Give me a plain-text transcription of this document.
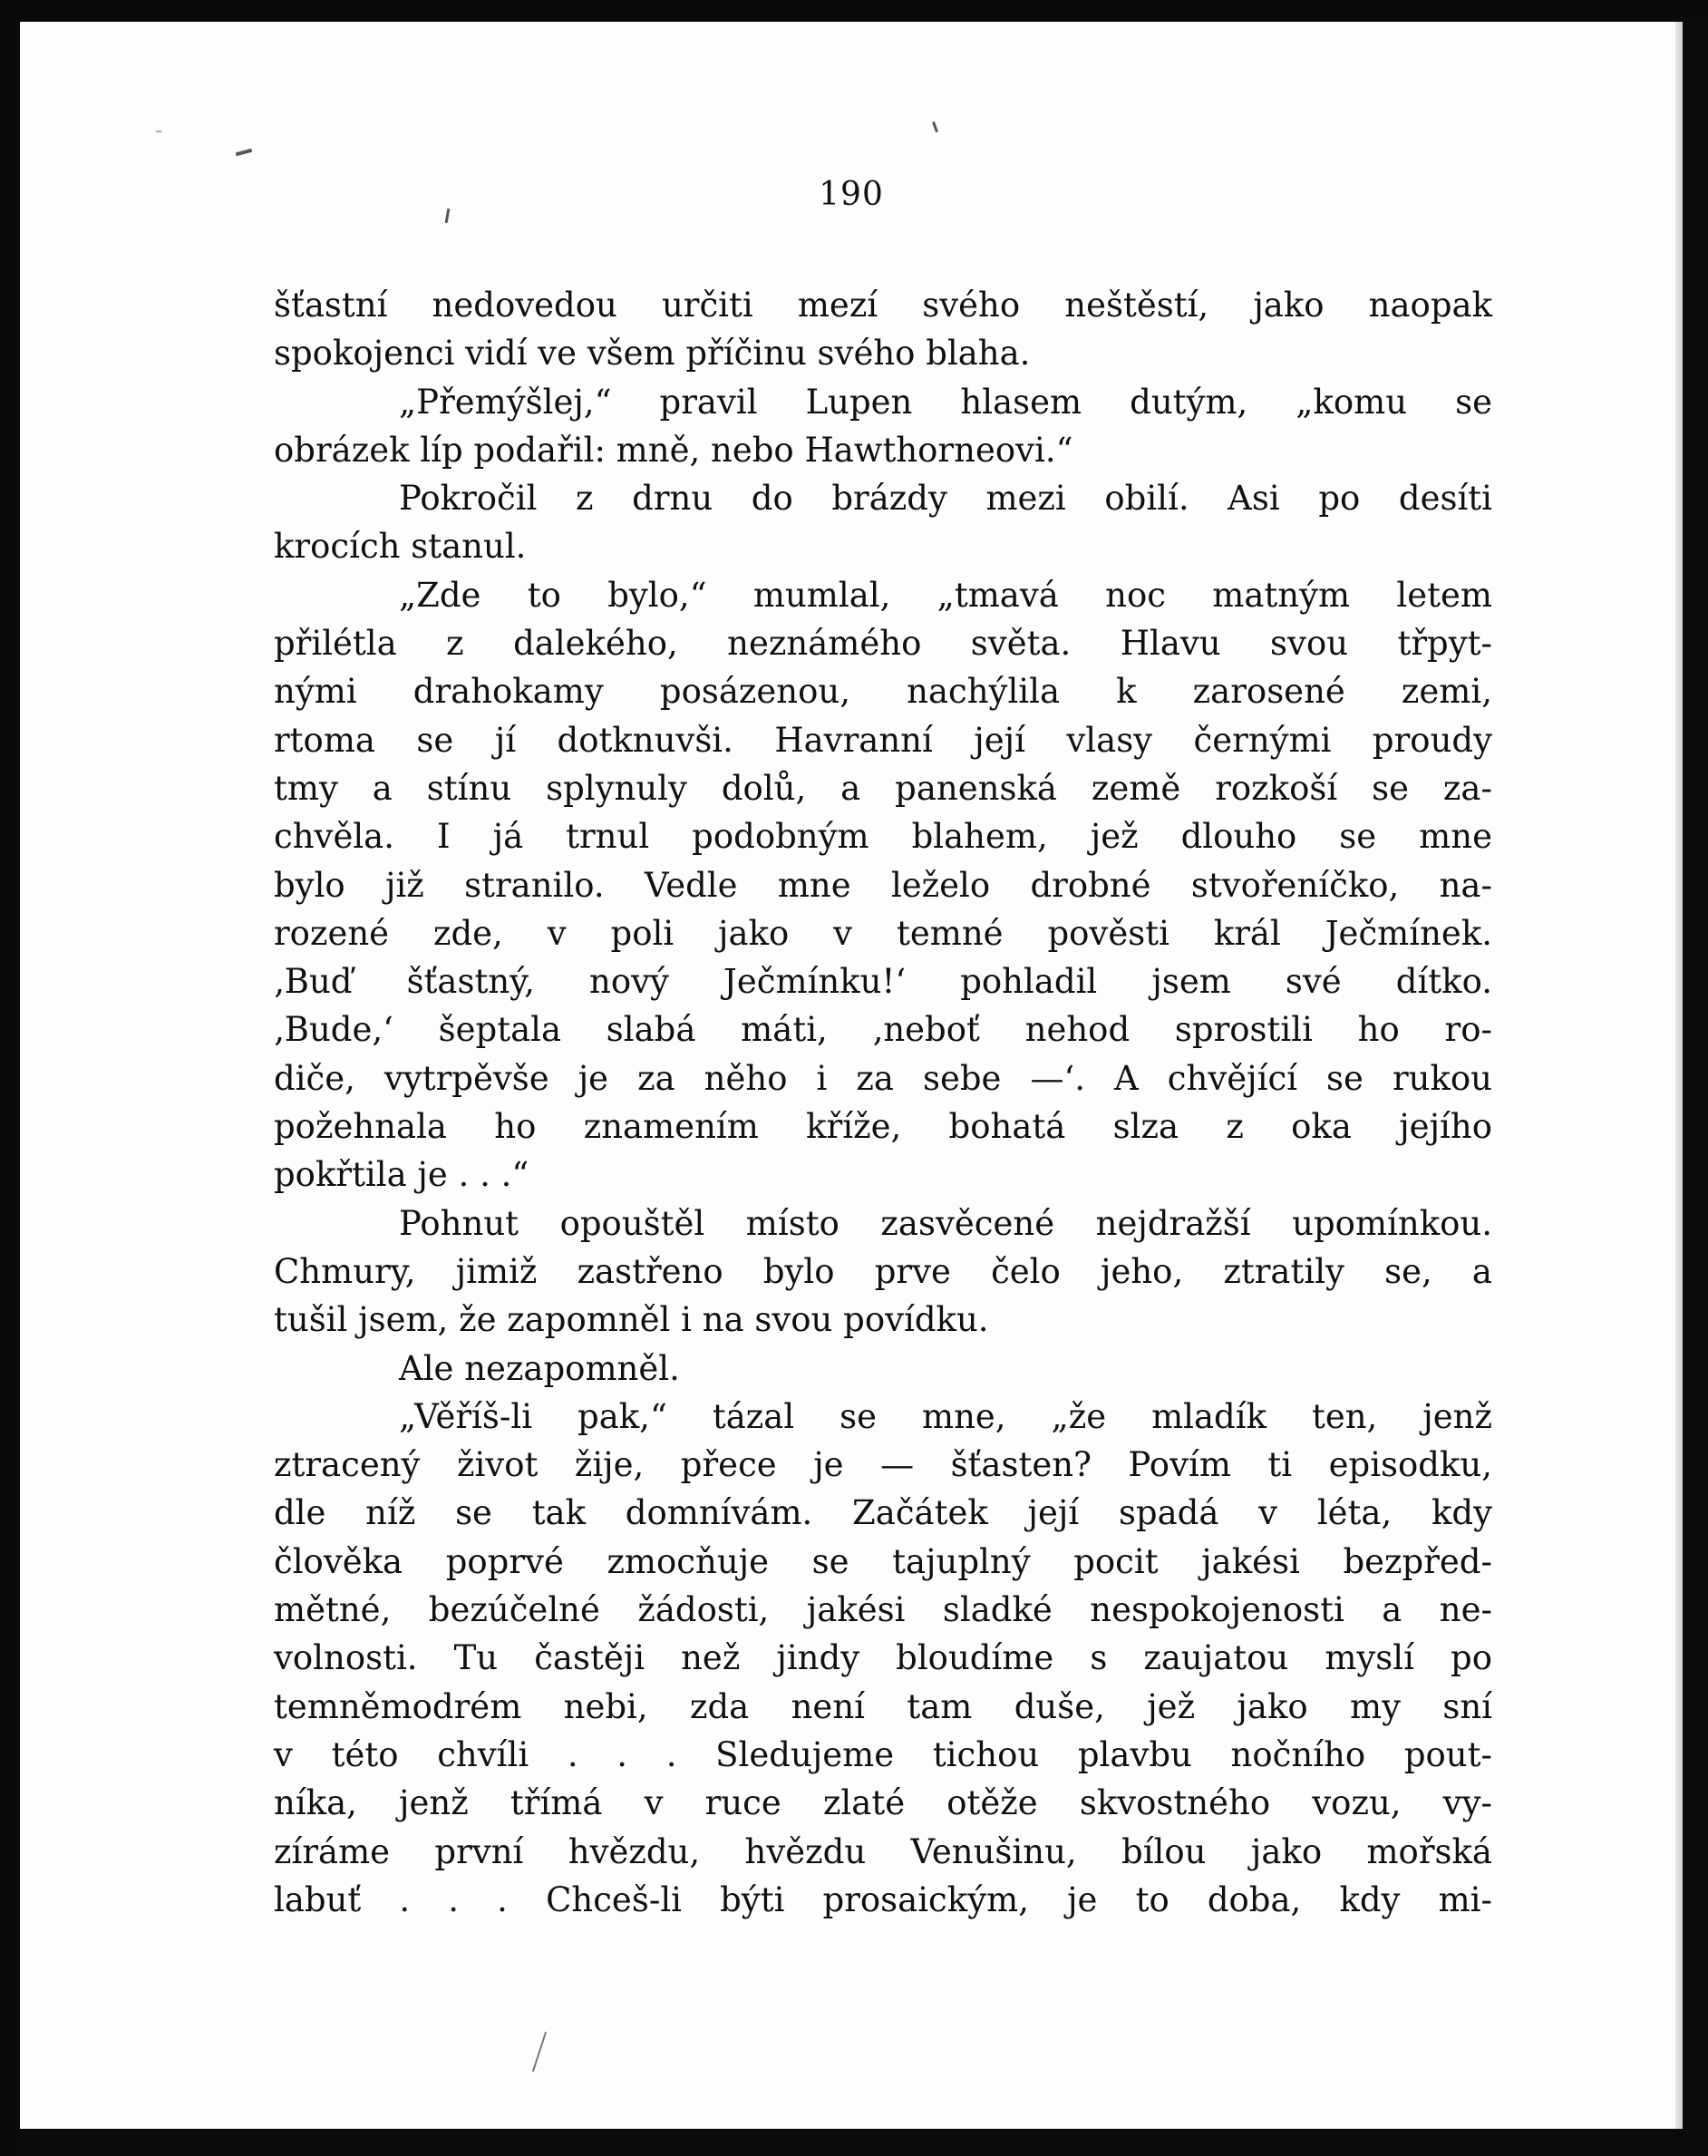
190
šťastní nedovedou určiti mezí svého neštěstí, jako naopak
spokojenci vidí ve všem příčinu svého blaha.
„Přemýšlej,“ pravil Lupen hlasem dutým, „komu se
obrázek líp podařil: mně, nebo Hawthorneovi.“
Pokročil z drnu do brázdy mezi obilí. Asi po desíti
krocích stanul.
„Zde to bylo,“ mumlal, „tmavá noc matným letem
přilétla z dalekého, neznámého světa. Hlavu svou třpyt-
nými drahokamy posázenou, nachýlila k zarosené zemi,
rtoma se jí dotknuvši. Havranní její vlasy černými proudy
tmy a stínu splynuly dolů, a panenská země rozkoší se za-
chvěla. I já trnul podobným blahem, jež dlouho se mne
bylo již stranilo. Vedle mne leželo drobné stvořeníčko, na-
rozené zde, v poli jako v temné pověsti král Ječmínek.
‚Buď šťastný, nový Ječmínku!‘ pohladil jsem své dítko.
‚Bude,‘ šeptala slabá máti, ‚neboť nehod sprostili ho ro-
diče, vytrpěvše je za něho i za sebe —‘. A chvějící se rukou
požehnala ho znamením kříže, bohatá slza z oka jejího
pokřtila je . . .“
Pohnut opouštěl místo zasvěcené nejdražší upomínkou.
Chmury, jimiž zastřeno bylo prve čelo jeho, ztratily se, a
tušil jsem, že zapomněl i na svou povídku.
Ale nezapomněl.
„Věříš-li pak,“ tázal se mne, „že mladík ten, jenž
ztracený život žije, přece je — šťasten? Povím ti episodku,
dle níž se tak domnívám. Začátek její spadá v léta, kdy
člověka poprvé zmocňuje se tajuplný pocit jakési bezpřed-
mětné, bezúčelné žádosti, jakési sladké nespokojenosti a ne-
volnosti. Tu častěji než jindy bloudíme s zaujatou myslí po
temněmodrém nebi, zda není tam duše, jež jako my sní
v této chvíli . . . Sledujeme tichou plavbu nočního pout-
níka, jenž třímá v ruce zlaté otěže skvostného vozu, vy-
zíráme první hvězdu, hvězdu Venušinu, bílou jako mořská
labuť . . . Chceš-li býti prosaickým, je to doba, kdy mi-
